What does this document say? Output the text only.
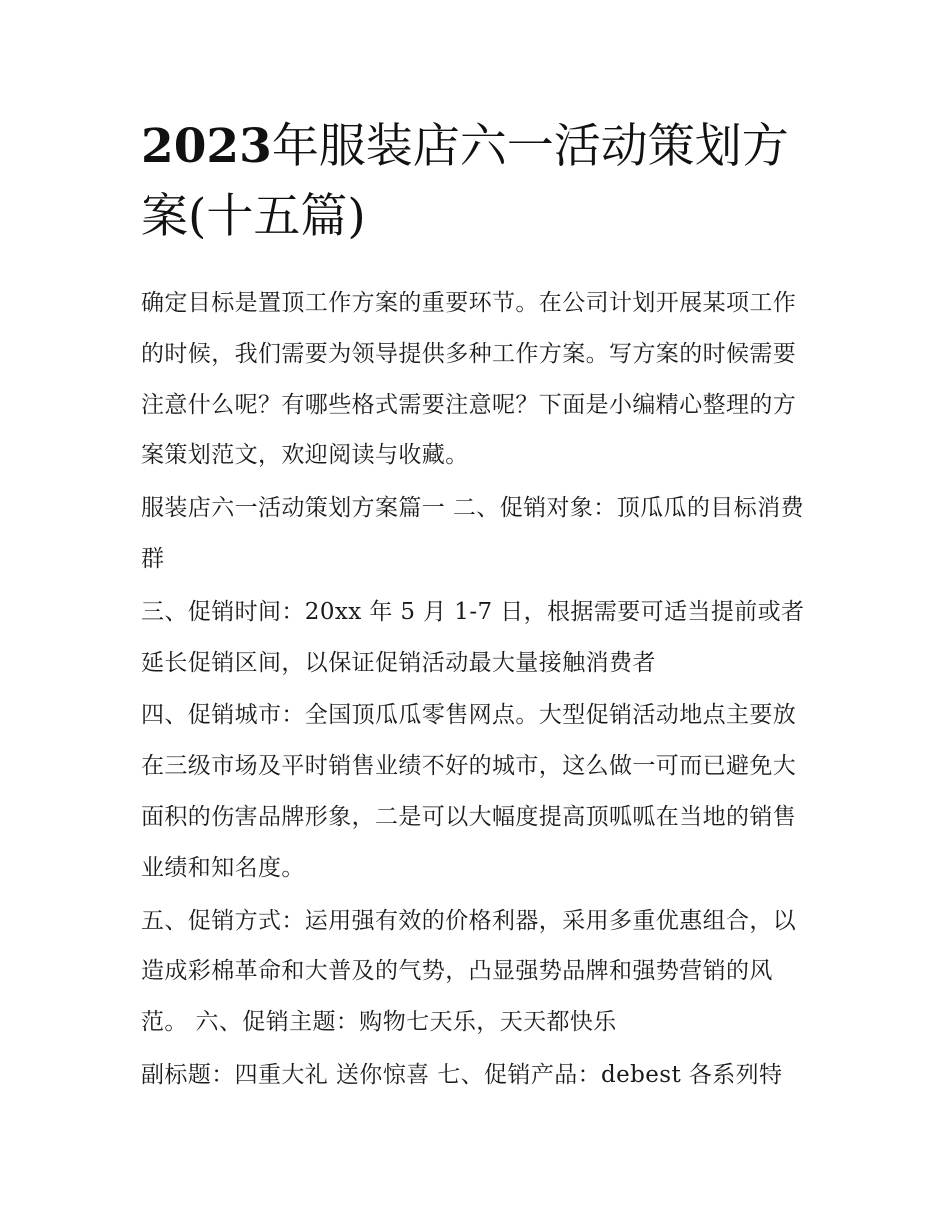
2023年服装店六一活动策划方案(十五篇)

确定目标是置顶工作方案的重要环节。在公司计划开展某项工作的时候，我们需要为领导提供多种工作方案。写方案的时候需要注意什么呢？有哪些格式需要注意呢？下面是小编精心整理的方案策划范文，欢迎阅读与收藏。

服装店六一活动策划方案篇一 二、促销对象：顶瓜瓜的目标消费群

三、促销时间：20xx 年 5 月 1-7 日，根据需要可适当提前或者延长促销区间，以保证促销活动最大量接触消费者

四、促销城市：全国顶瓜瓜零售网点。大型促销活动地点主要放在三级市场及平时销售业绩不好的城市，这么做一可而已避免大面积的伤害品牌形象，二是可以大幅度提高顶呱呱在当地的销售业绩和知名度。

五、促销方式：运用强有效的价格利器，采用多重优惠组合，以造成彩棉革命和大普及的气势，凸显强势品牌和强势营销的风范。 六、促销主题：购物七天乐，天天都快乐

副标题：四重大礼 送你惊喜 七、促销产品：debest 各系列特
